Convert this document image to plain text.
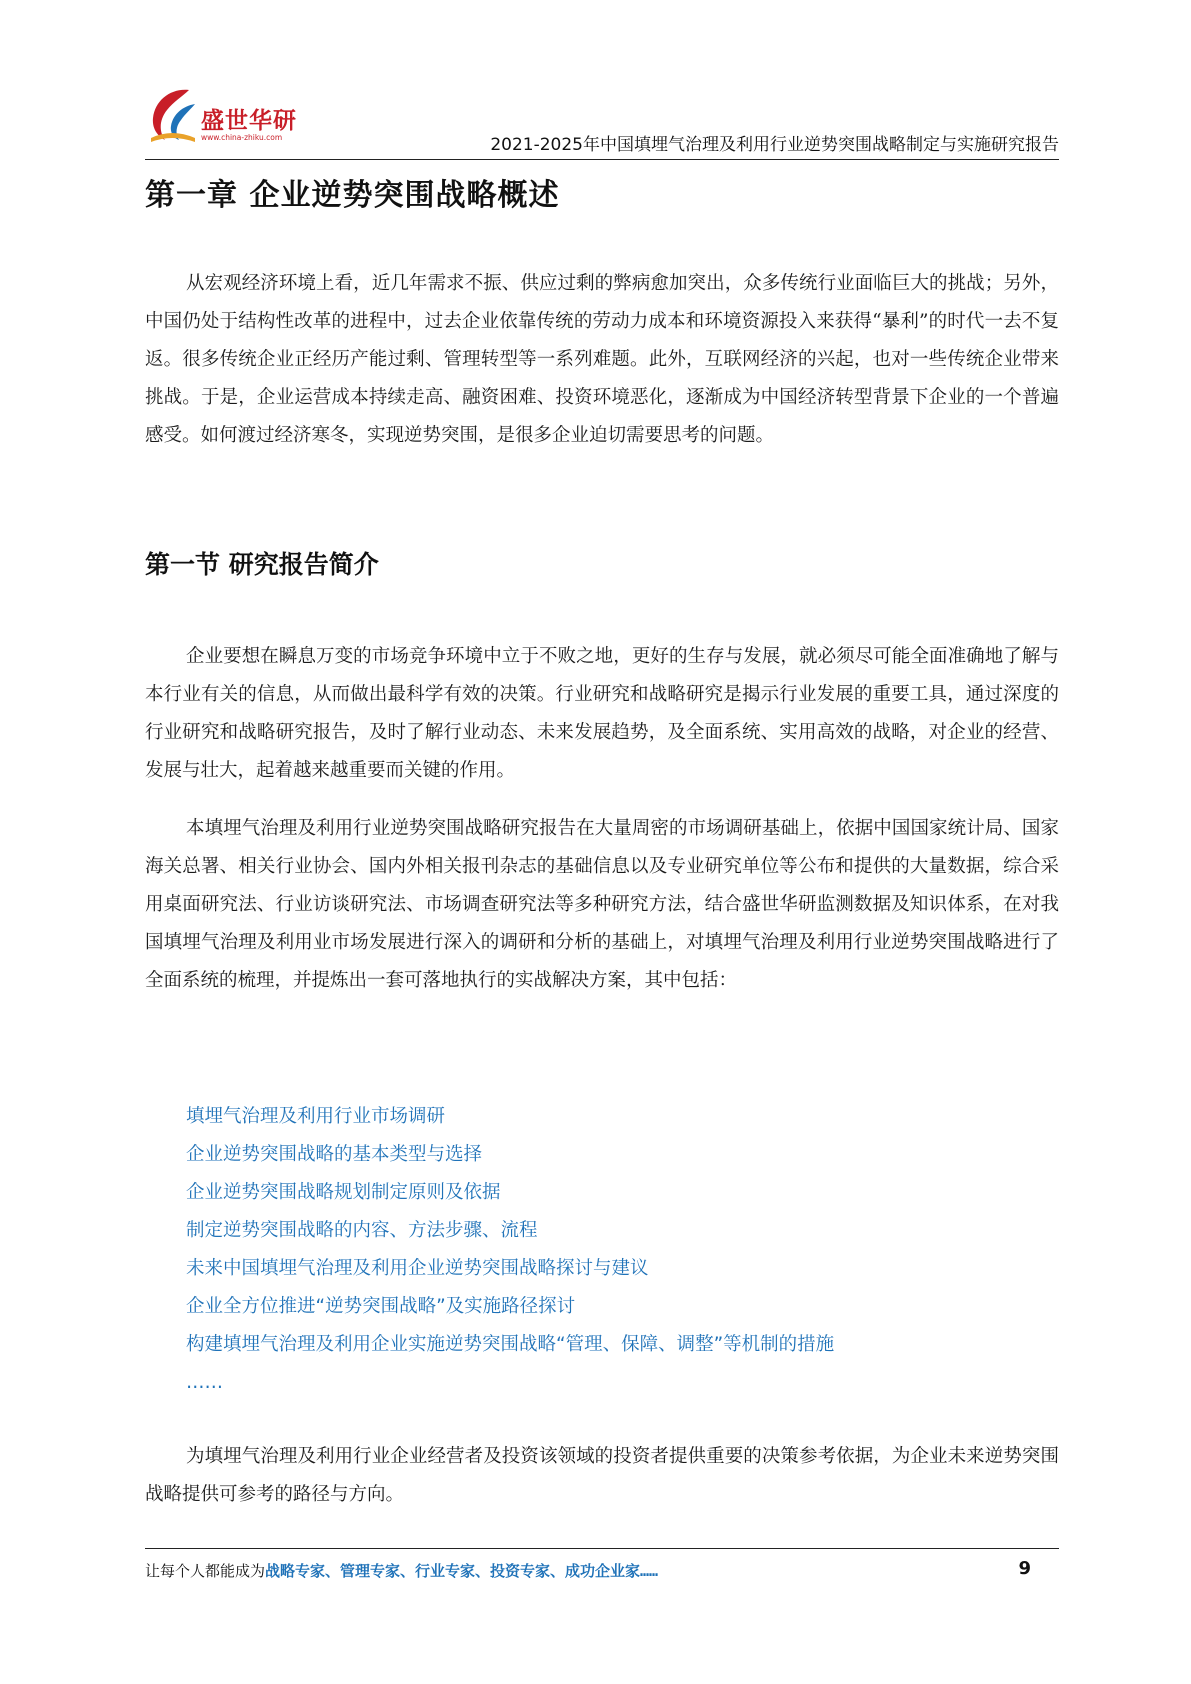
盛世华研
www.china-zhiku.com	2021-2025年中国填埋气治理及利用行业逆势突围战略制定与实施研究报告
第一章 企业逆势突围战略概述

从宏观经济环境上看，近几年需求不振、供应过剩的弊病愈加突出，众多传统行业面临巨大的挑战；另外，中国仍处于结构性改革的进程中，过去企业依靠传统的劳动力成本和环境资源投入来获得“暴利”的时代一去不复返。很多传统企业正经历产能过剩、管理转型等一系列难题。此外，互联网经济的兴起，也对一些传统企业带来挑战。于是，企业运营成本持续走高、融资困难、投资环境恶化，逐渐成为中国经济转型背景下企业的一个普遍感受。如何渡过经济寒冬，实现逆势突围，是很多企业迫切需要思考的问题。

第一节 研究报告简介

企业要想在瞬息万变的市场竞争环境中立于不败之地，更好的生存与发展，就必须尽可能全面准确地了解与本行业有关的信息，从而做出最科学有效的决策。行业研究和战略研究是揭示行业发展的重要工具，通过深度的行业研究和战略研究报告，及时了解行业动态、未来发展趋势，及全面系统、实用高效的战略，对企业的经营、发展与壮大，起着越来越重要而关键的作用。

本填埋气治理及利用行业逆势突围战略研究报告在大量周密的市场调研基础上，依据中国国家统计局、国家海关总署、相关行业协会、国内外相关报刊杂志的基础信息以及专业研究单位等公布和提供的大量数据，综合采用桌面研究法、行业访谈研究法、市场调查研究法等多种研究方法，结合盛世华研监测数据及知识体系，在对我国填埋气治理及利用业市场发展进行深入的调研和分析的基础上，对填埋气治理及利用行业逆势突围战略进行了全面系统的梳理，并提炼出一套可落地执行的实战解决方案，其中包括：

填埋气治理及利用行业市场调研
企业逆势突围战略的基本类型与选择
企业逆势突围战略规划制定原则及依据
制定逆势突围战略的内容、方法步骤、流程
未来中国填埋气治理及利用企业逆势突围战略探讨与建议
企业全方位推进“逆势突围战略”及实施路径探讨
构建填埋气治理及利用企业实施逆势突围战略“管理、保障、调整”等机制的措施
……

为填埋气治理及利用行业企业经营者及投资该领域的投资者提供重要的决策参考依据，为企业未来逆势突围战略提供可参考的路径与方向。

让每个人都能成为战略专家、管理专家、行业专家、投资专家、成功企业家……	9
